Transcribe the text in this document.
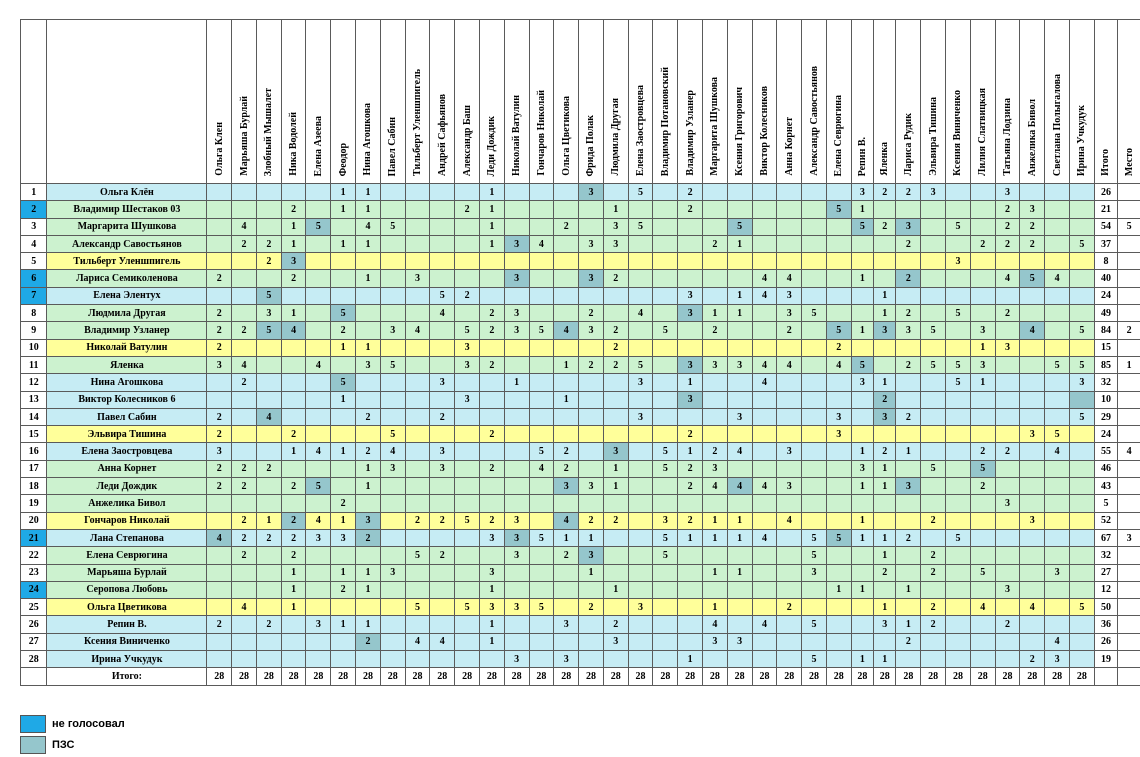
		Ольга Клен	Марьяша Бурлай	Злобный Мышалет	Ника Водолей	Елена Азеева	Феодор	Нина Агошкова	Павел Сабин	Тильберт Уленшпигель	Андрей Сафьянов	Александр Баш	Леди Дождик	Николай Ватулин	Гончаров Николай	Ольга Цветикова	Фрида Полак	Людмила Другая	Елена Заостровцева	Владимир Потановский	Владимир Узланер	Маргарита Шушкова	Ксения Григорович	Виктор Колесников	Анна Корнет	Александр Савостьянов	Елена Севрюгина	Репин В.	Яленка	Лариса Рудик	Эльвира Тишина	Ксения Виниченко	Лилия Слатвицкая	Татьяна Лодзина	Анжелика Бивол	Светлана Полыгалова	Ирина Учкудук	Итого	Место
1	Ольга Клён						1	1					1				3		5		2							3	2	2	3			3				26	
2	Владимир Шестаков 03				2		1	1				2	1					1			2						5	1						2	3			21	
3	Маргарита Шушкова		4		1	5		4	5				1			2		3	5				5					5	2	3		5		2	2			54	5
4	Александр Савостьянов		2	2	1		1	1					1	3	4		3	3				2	1							2			2	2	2		5	37	
5	Тильберт Уленшпигель			2	3																											3						8	
6	Лариса Семиколенова	2			2			1		3				3			3	2						4	4			1		2				4	5	4		40	
7	Елена Элентух			5							5	2									3		1	4	3				1									24	
8	Людмила Другая	2		3	1		5				4		2	3			2		4		3	1	1		3	5			1	2		5		2				49	
9	Владимир Узланер	2	2	5	4		2		3	4		5	2	3	5	4	3	2		5		2			2		5	1	3	3	5		3		4		5	84	2
10	Николай Ватулин	2					1	1				3						2									2						1	3				15	
11	Яленка	3	4			4		3	5			3	2			1	2	2	5		3	3	3	4	4		4	5		2	5	5	3			5	5	85	1
12	Нина Агошкова		2				5				3			1					3		1			4				3	1			5	1				3	32	
13	Виктор Колесников 6						1					3				1					3								2									10	
14	Павел Сабин	2		4				2			2								3				3				3		3	2							5	29	
15	Эльвира Тишина	2			2				5				2								2						3								3	5		24	
16	Елена Заостровцева	3			1	4	1	2	4		3				5	2		3		5	1	2	4		3			1	2	1			2	2		4		55	4
17	Анна Корнет	2	2	2				1	3		3		2		4	2		1		5	2	3						3	1		5		5					46	
18	Леди Дождик	2	2		2	5		1								3	3	1			2	4	4	4	3			1	1	3			2					43	
19	Анжелика Бивол						2																											3				5	
20	Гончаров Николай		2	1	2	4	1	3		2	2	5	2	3		4	2	2		3	2	1	1		4			1			2				3			52	
21	Лана Степанова	4	2	2	2	3	3	2					3	3	5	1	1			5	1	1	1	4		5	5	1	1	2		5						67	3
22	Елена Севрюгина		2		2					5	2			3		2	3			5						5			1		2							32	
23	Марьяша Бурлай				1		1	1	3				3				1					1	1			3			2		2		5			3		27	
24	Серопова Любовь				1		2	1					1					1									1	1		1				3				12	
25	Ольга Цветикова		4		1					5		5	3	3	5		2		3			1			2				1		2		4		4		5	50	
26	Репин В.	2		2		3	1	1					1			3		2				4		4		5			3	1	2			2				36	
27	Ксения Виниченко							2		4	4		1					3				3	3							2						4		26	
28	Ирина Учкудук													3		3					1					5		1	1						2	3		19	
	Итого:	28	28	28	28	28	28	28	28	28	28	28	28	28	28	28	28	28	28	28	28	28	28	28	28	28	28	28	28	28	28	28	28	28	28	28	28		
не голосовал
ПЗС
